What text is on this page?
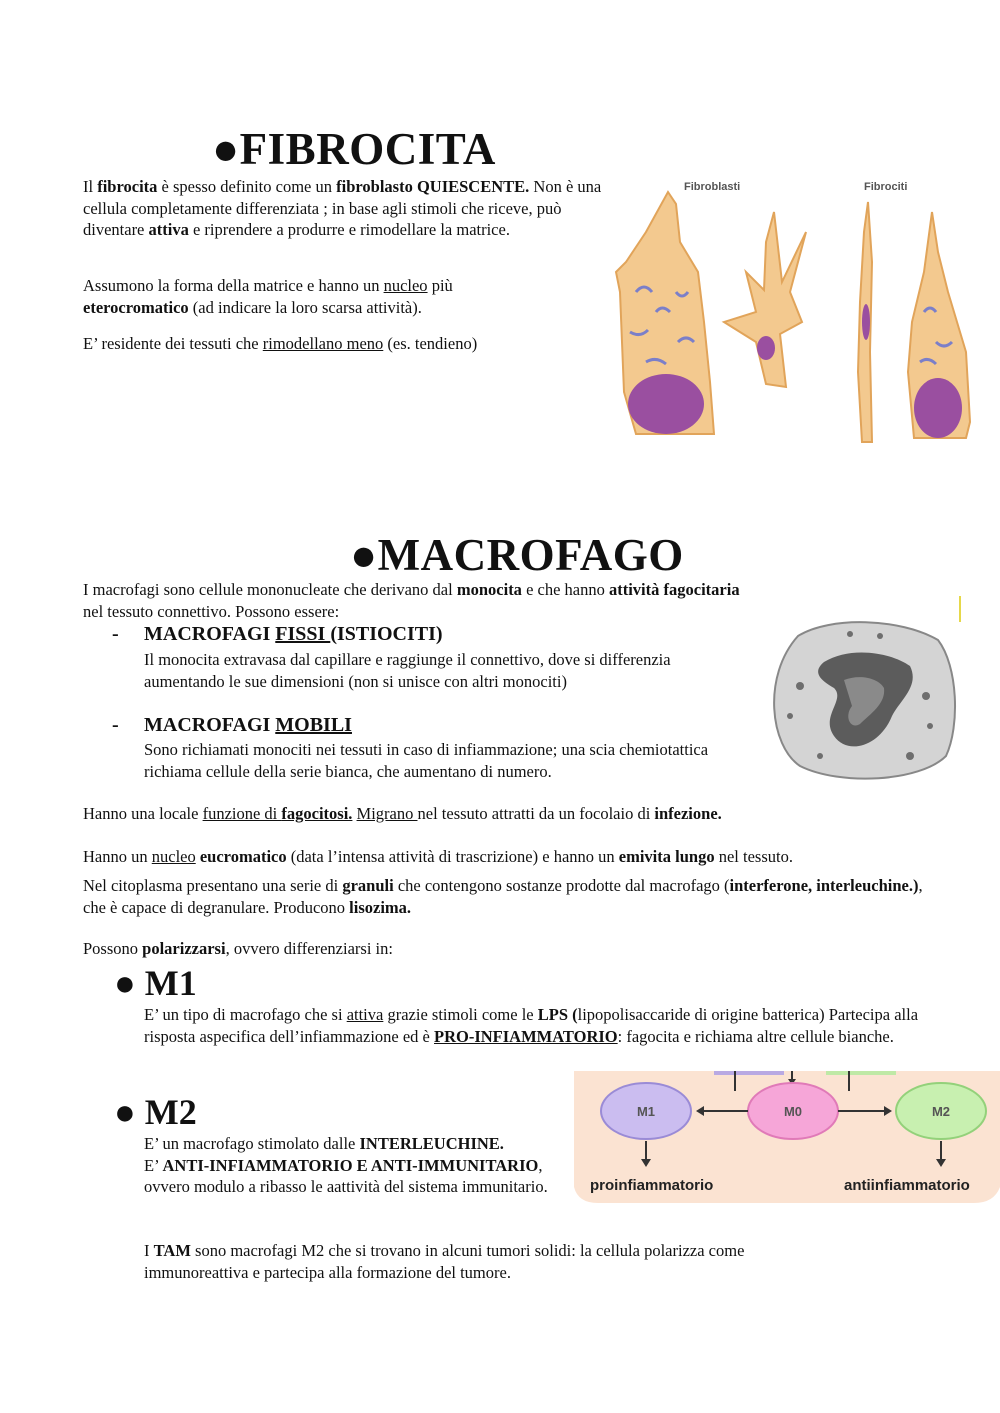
●FIBROCITA
Il fibrocita è spesso definito come un fibroblasto QUIESCENTE. Non è una cellula completamente differenziata ; in base agli stimoli che riceve, può diventare attiva e riprendere a produrre e rimodellare la matrice.
Assumono la forma della matrice e hanno un nucleo più eterocromatico (ad indicare la loro scarsa attività).
E’ residente dei tessuti che rimodellano meno (es. tendieno)
Fibroblasti	Fibrociti
●MACROFAGO
I macrofagi sono cellule mononucleate che derivano dal monocita e che hanno attività fagocitaria nel tessuto connettivo. Possono essere:
- MACROFAGI FISSI (ISTIOCITI)
Il monocita extravasa dal capillare e raggiunge il connettivo, dove si differenzia aumentando le sue dimensioni (non si unisce con altri monociti)
- MACROFAGI MOBILI
Sono richiamati monociti nei tessuti in caso di infiammazione; una scia chemiotattica richiama cellule della serie bianca, che aumentano di numero.
Hanno una locale funzione di fagocitosi. Migrano nel tessuto attratti da un focolaio di infezione.
Hanno un nucleo eucromatico (data l’intensa attività di trascrizione) e hanno un emivita lungo nel tessuto.
Nel citoplasma presentano una serie di granuli che contengono sostanze prodotte dal macrofago (interferone, interleuchine.), che è capace di degranulare. Producono lisozima.
Possono polarizzarsi, ovvero differenziarsi in:
● M1
E’ un tipo di macrofago che si attiva grazie stimoli come le LPS (lipopolisaccaride di origine batterica) Partecipa alla risposta aspecifica dell’infiammazione ed è PRO-INFIAMMATORIO: fagocita e richiama altre cellule bianche.
M1	M0	M2
proinfiammatorio	antiinfiammatorio
● M2
E’ un macrofago stimolato dalle INTERLEUCHINE.
E’ ANTI-INFIAMMATORIO E ANTI-IMMUNITARIO, ovvero modulo a ribasso le aattività del sistema immunitario.
I TAM sono macrofagi M2 che si trovano in alcuni tumori solidi: la cellula polarizza come immunoreattiva e partecipa alla formazione del tumore.
